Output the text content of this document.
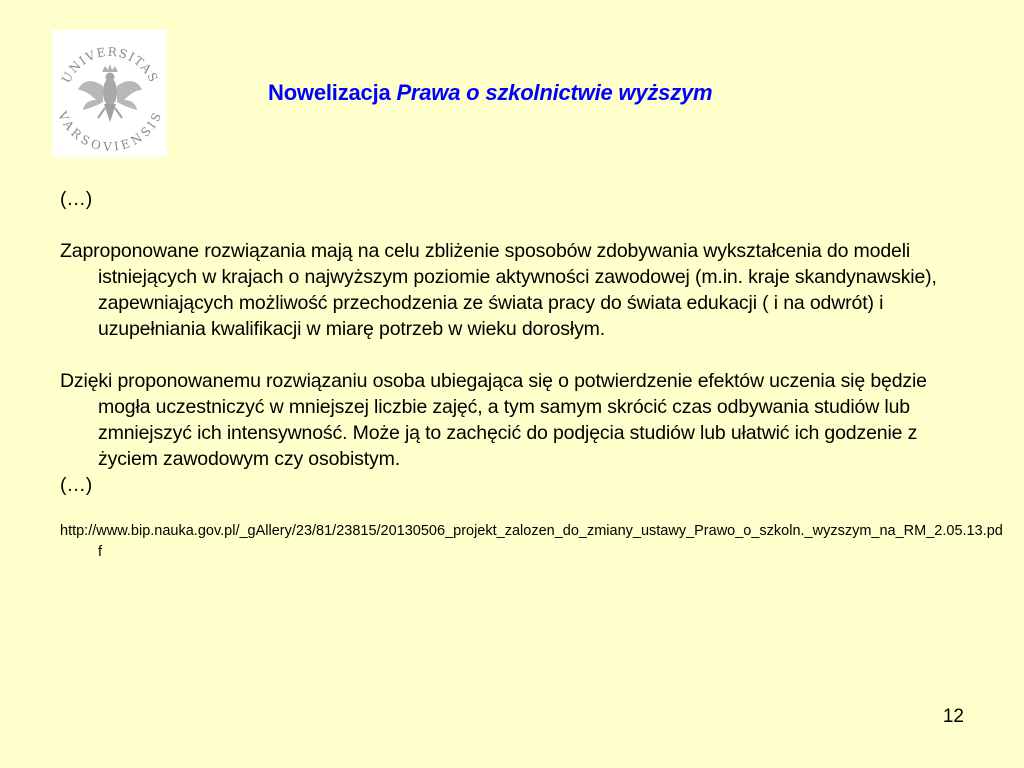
UNIVERSITAS
VARSOVIENSIS
Nowelizacja Prawa o szkolnictwie wyższym

(…)

Zaproponowane rozwiązania mają na celu zbliżenie sposobów zdobywania wykształcenia do modeli istniejących w krajach o najwyższym poziomie aktywności zawodowej (m.in. kraje skandynawskie), zapewniających możliwość przechodzenia ze świata pracy do świata edukacji ( i na odwrót) i uzupełniania kwalifikacji w miarę potrzeb w wieku dorosłym.

Dzięki proponowanemu rozwiązaniu osoba ubiegająca się o potwierdzenie efektów uczenia się będzie mogła uczestniczyć w mniejszej liczbie zajęć, a tym samym skrócić czas odbywania studiów lub zmniejszyć ich intensywność. Może ją to zachęcić do podjęcia studiów lub ułatwić ich godzenie z życiem zawodowym czy osobistym.

(…)

http://www.bip.nauka.gov.pl/_gAllery/23/81/23815/20130506_projekt_zalozen_do_zmiany_ustawy_Prawo_o_szkoln._wyzszym_na_RM_2.05.13.pdf

12
